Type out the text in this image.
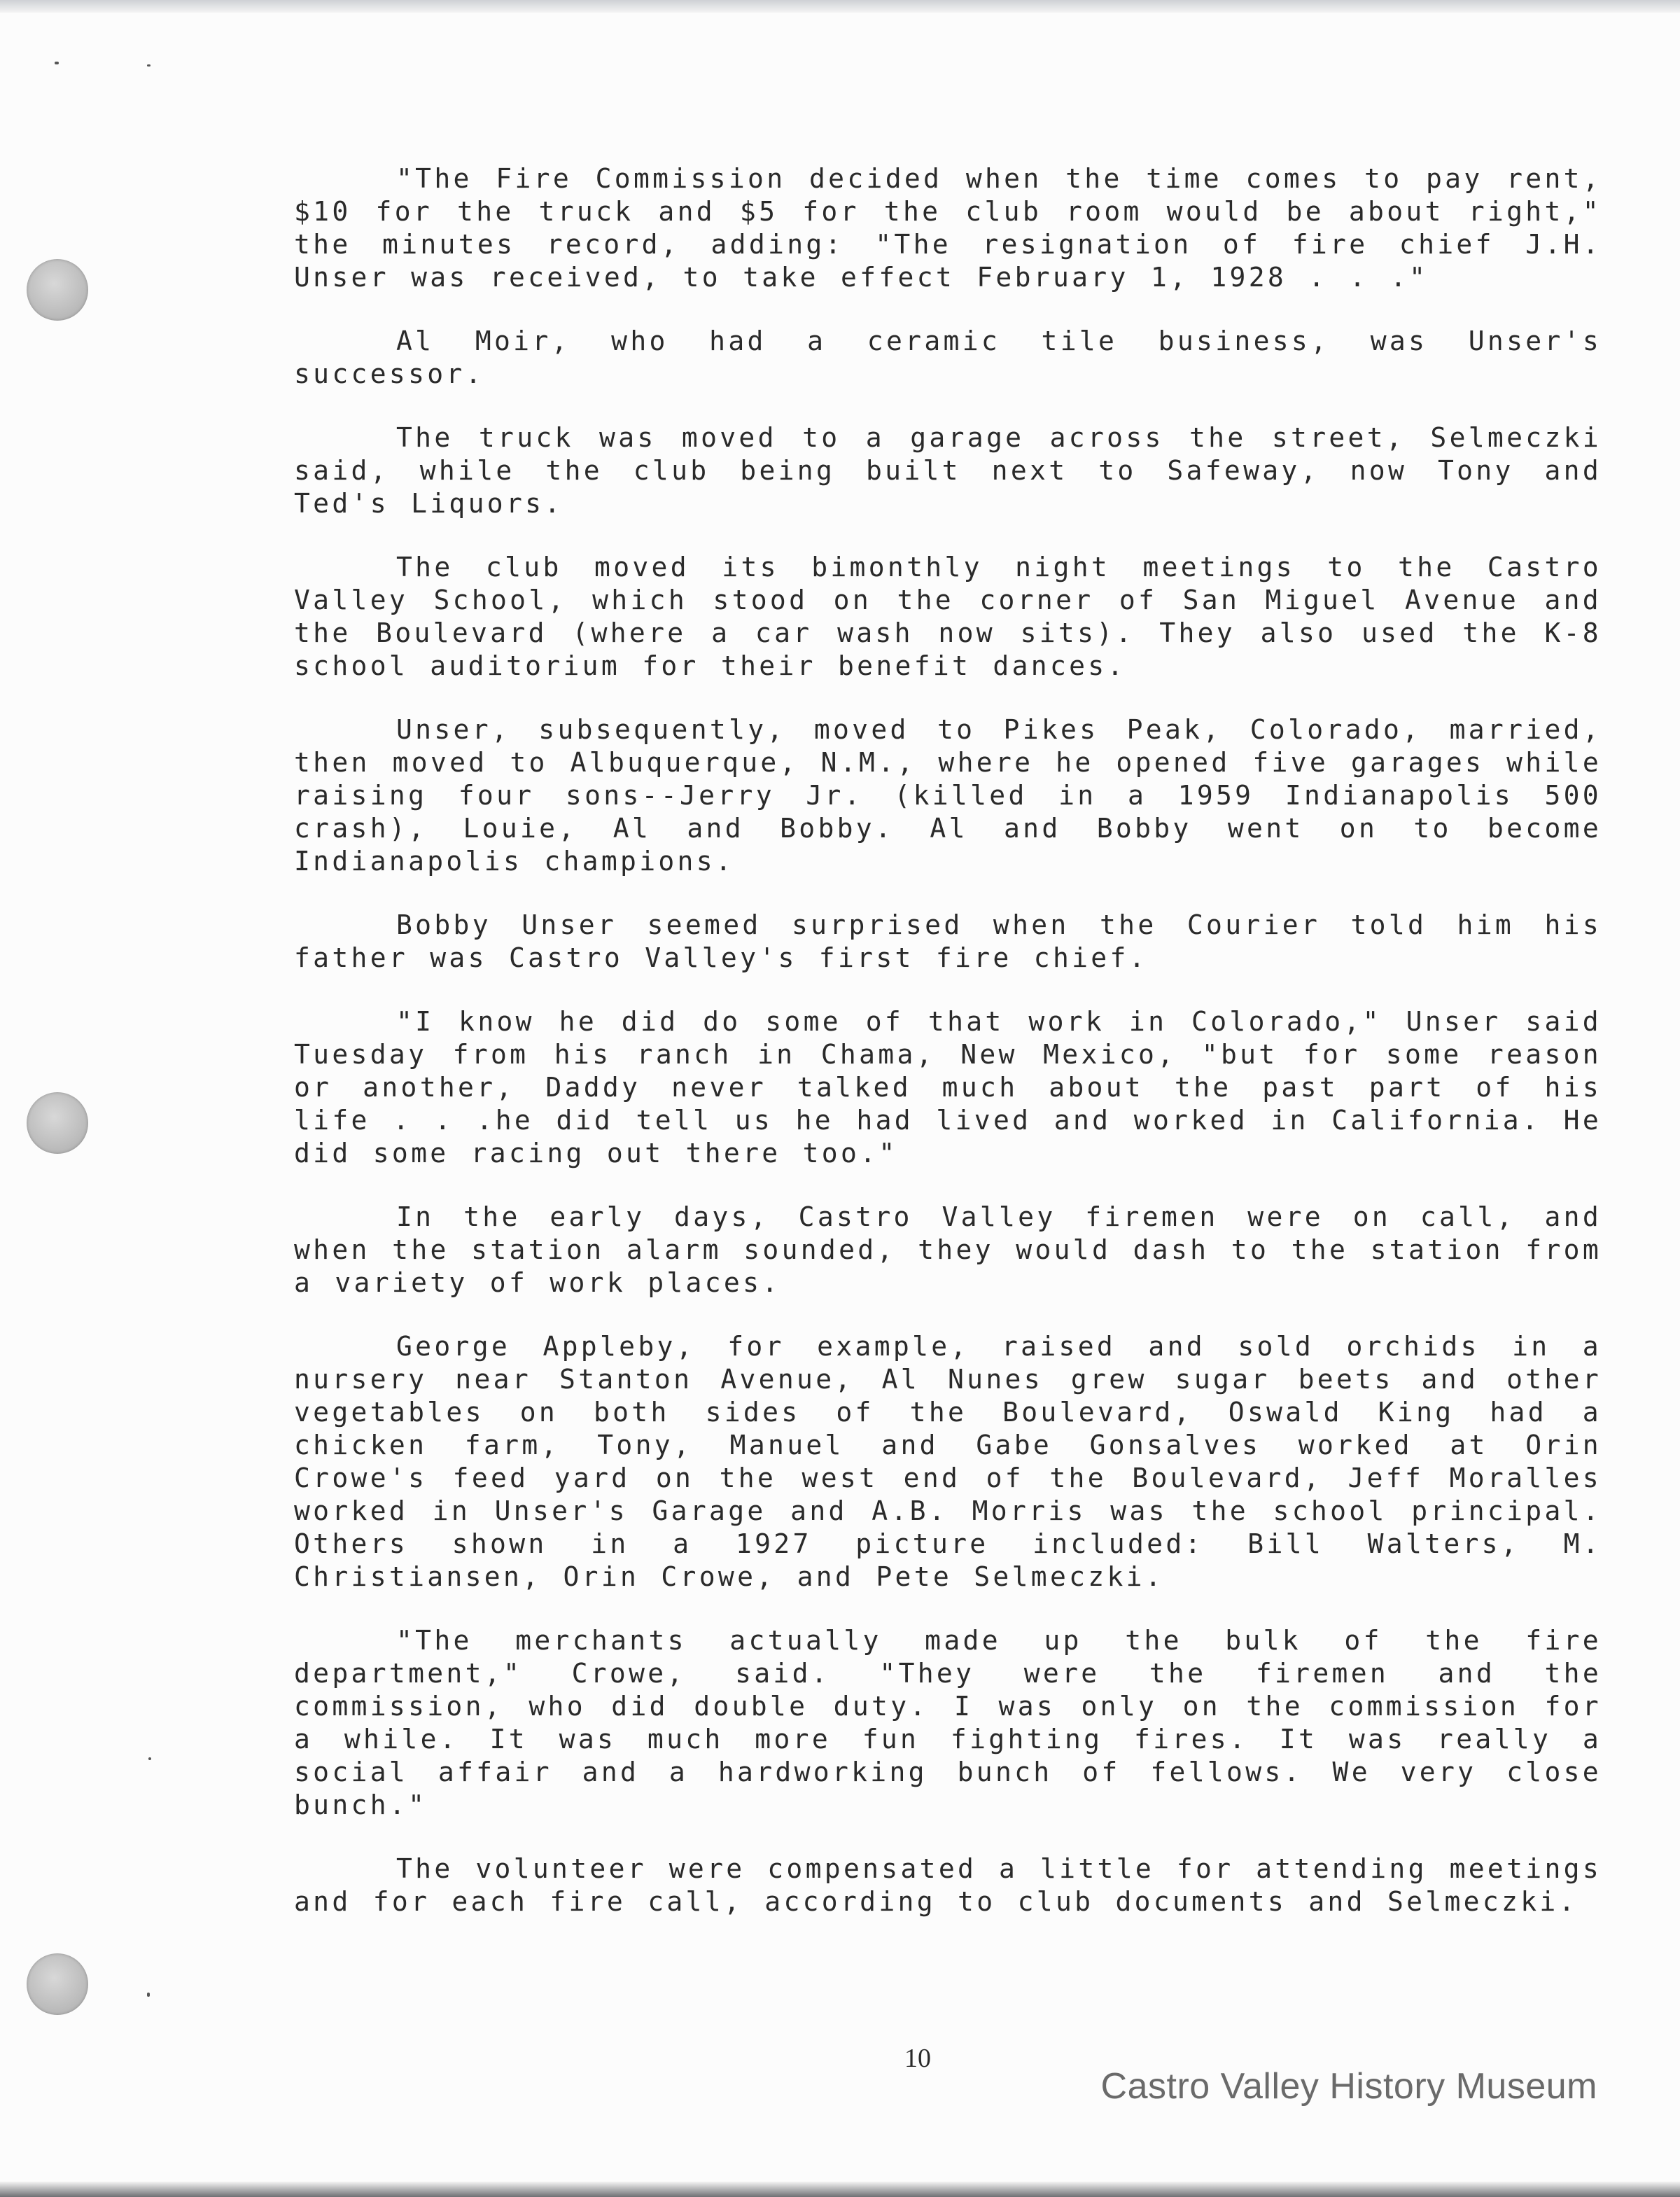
"The Fire Commission decided when the time comes to pay rent, $10 for the truck and $5 for the club room would be about right," the minutes record, adding: "The resignation of fire chief J.H. Unser was received, to take effect February 1, 1928 . . ."

Al Moir, who had a ceramic tile business, was Unser's successor.

The truck was moved to a garage across the street, Selmeczki said, while the club being built next to Safeway, now Tony and Ted's Liquors.

The club moved its bimonthly night meetings to the Castro Valley School, which stood on the corner of San Miguel Avenue and the Boulevard (where a car wash now sits). They also used the K-8 school auditorium for their benefit dances.

Unser, subsequently, moved to Pikes Peak, Colorado, married, then moved to Albuquerque, N.M., where he opened five garages while raising four sons--Jerry Jr. (killed in a 1959 Indianapolis 500 crash), Louie, Al and Bobby. Al and Bobby went on to become Indianapolis champions.

Bobby Unser seemed surprised when the Courier told him his father was Castro Valley's first fire chief.

"I know he did do some of that work in Colorado," Unser said Tuesday from his ranch in Chama, New Mexico, "but for some reason or another, Daddy never talked much about the past part of his life . . .he did tell us he had lived and worked in California. He did some racing out there too."

In the early days, Castro Valley firemen were on call, and when the station alarm sounded, they would dash to the station from a variety of work places.

George Appleby, for example, raised and sold orchids in a nursery near Stanton Avenue, Al Nunes grew sugar beets and other vegetables on both sides of the Boulevard, Oswald King had a chicken farm, Tony, Manuel and Gabe Gonsalves worked at Orin Crowe's feed yard on the west end of the Boulevard, Jeff Moralles worked in Unser's Garage and A.B. Morris was the school principal. Others shown in a 1927 picture included: Bill Walters, M. Christiansen, Orin Crowe, and Pete Selmeczki.

"The merchants actually made up the bulk of the fire department," Crowe, said. "They were the firemen and the commission, who did double duty. I was only on the commission for a while. It was much more fun fighting fires. It was really a social affair and a hardworking bunch of fellows. We very close bunch."

The volunteer were compensated a little for attending meetings and for each fire call, according to club documents and Selmeczki.

10
Castro Valley History Museum
